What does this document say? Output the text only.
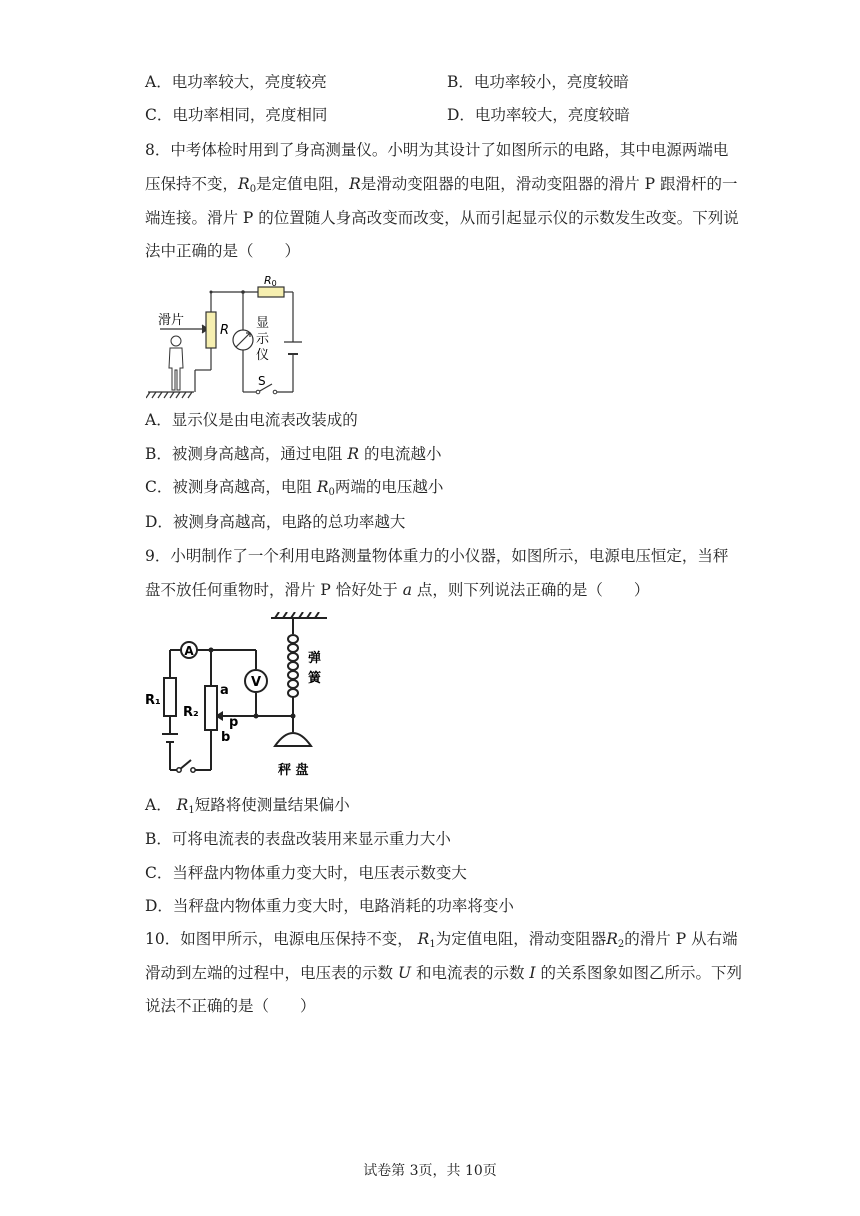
A．电功率较大，亮度较亮	B．电功率较小，亮度较暗
C．电功率相同，亮度相同	D．电功率较大，亮度较暗
8．中考体检时用到了身高测量仪。小明为其设计了如图所示的电路，其中电源两端电
压保持不变，$R_0$是定值电阻，R是滑动变阻器的电阻，滑动变阻器的滑片 P 跟滑杆的一
端连接。滑片 P 的位置随人身高改变而改变，从而引起显示仪的示数发生改变。下列说
法中正确的是（　　）
滑片
R
R0
显
示
仪
S
A．显示仪是由电流表改装成的
B．被测身高越高，通过电阻 R 的电流越小
C．被测身高越高，电阻 $R_0$两端的电压越小
D．被测身高越高，电路的总功率越大
9．小明制作了一个利用电路测量物体重力的小仪器，如图所示，电源电压恒定，当秤
盘不放任何重物时，滑片 P 恰好处于 a 点，则下列说法正确的是（　　）
A
V
R₁
R₂
a
p
b
弹
簧
秤 盘
A． $R_1$短路将使测量结果偏小
B．可将电流表的表盘改装用来显示重力大小
C．当秤盘内物体重力变大时，电压表示数变大
D．当秤盘内物体重力变大时，电路消耗的功率将变小
10．如图甲所示，电源电压保持不变， $R_1$为定值电阻，滑动变阻器$R_2$的滑片 P 从右端
滑动到左端的过程中，电压表的示数 U 和电流表的示数 I 的关系图象如图乙所示。下列
说法不正确的是（　　）
试卷第 3页，共 10页
